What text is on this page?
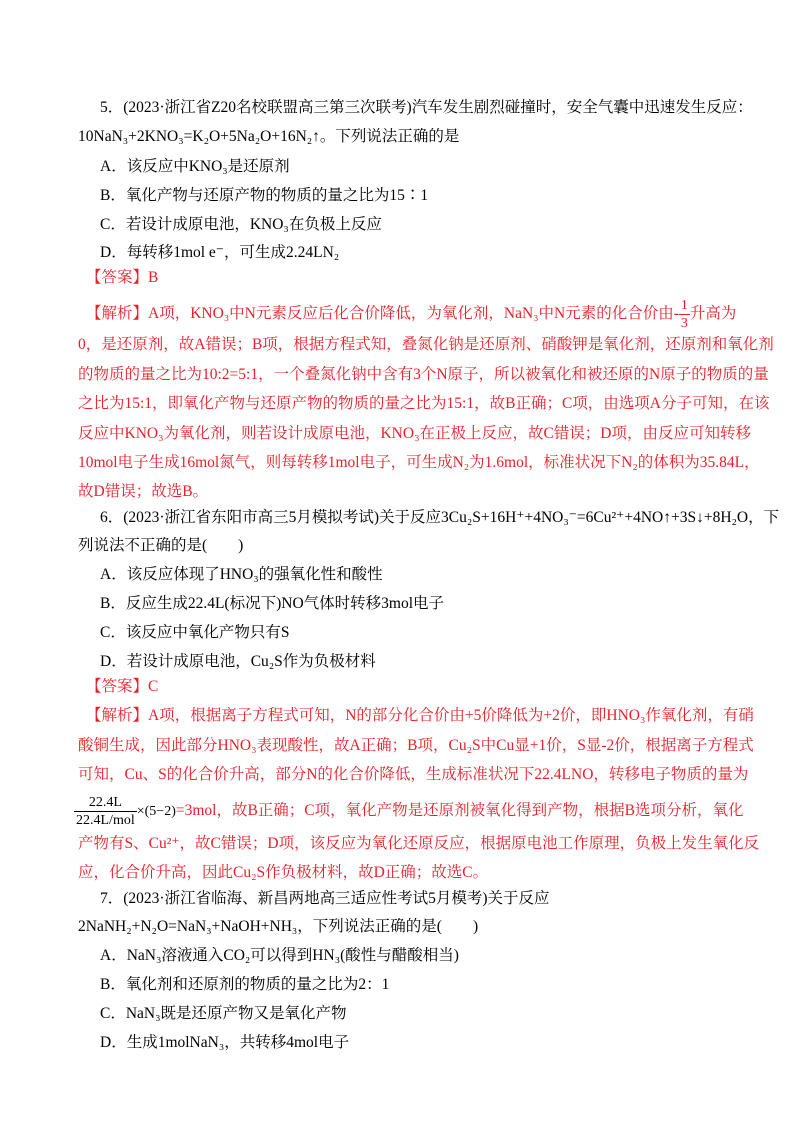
5．(2023·浙江省Z20名校联盟高三第三次联考)汽车发生剧烈碰撞时，安全气囊中迅速发生反应：
10NaN₃+2KNO₃=K₂O+5Na₂O+16N₂↑。下列说法正确的是
A．该反应中KNO₃是还原剂
B．氧化产物与还原产物的物质的量之比为15∶1
C．若设计成原电池，KNO₃在负极上反应
D．每转移1mol e⁻，可生成2.24LN₂
【答案】B
【解析】A项，KNO₃中N元素反应后化合价降低，为氧化剂，NaN₃中N元素的化合价由- $\frac{1}{3}$ 升高为
0，是还原剂，故A错误；B项，根据方程式知，叠氮化钠是还原剂、硝酸钾是氧化剂，还原剂和氧化剂
的物质的量之比为10:2=5:1，一个叠氮化钠中含有3个N原子，所以被氧化和被还原的N原子的物质的量
之比为15:1，即氧化产物与还原产物的物质的量之比为15:1，故B正确；C项，由选项A分子可知，在该
反应中KNO₃为氧化剂，则若设计成原电池，KNO₃在正极上反应，故C错误；D项，由反应可知转移
10mol电子生成16mol氮气，则每转移1mol电子，可生成N₂为1.6mol，标准状况下N₂的体积为35.84L，
故D错误；故选B。
6．(2023·浙江省东阳市高三5月模拟考试)关于反应3Cu₂S+16H⁺+4NO₃⁻=6Cu²⁺+4NO↑+3S↓+8H₂O，下
列说法不正确的是(　　)
A．该反应体现了HNO₃的强氧化性和酸性
B．反应生成22.4L(标况下)NO气体时转移3mol电子
C．该反应中氧化产物只有S
D．若设计成原电池，Cu₂S作为负极材料
【答案】C
【解析】A项，根据离子方程式可知，N的部分化合价由+5价降低为+2价，即HNO₃作氧化剂，有硝
酸铜生成，因此部分HNO₃表现酸性，故A正确；B项，Cu₂S中Cu显+1价，S显-2价，根据离子方程式
可知，Cu、S的化合价升高，部分N的化合价降低，生成标准状况下22.4LNO，转移电子物质的量为
$\frac{22.4L}{\text{22.4L/mol}} \times(5-2)=3mol$，故B正确；C项，氧化产物是还原剂被氧化得到产物，根据B选项分析，氧化
产物有S、Cu²⁺，故C错误；D项，该反应为氧化还原反应，根据原电池工作原理，负极上发生氧化反
应，化合价升高，因此Cu₂S作负极材料，故D正确；故选C。
7．(2023·浙江省临海、新昌两地高三适应性考试5月模考)关于反应
2NaNH₂+N₂O=NaN₃+NaOH+NH₃，下列说法正确的是(　　)
A．NaN₃溶液通入CO₂可以得到HN₃(酸性与醋酸相当)
B．氧化剂和还原剂的物质的量之比为2：1
C．NaN₃既是还原产物又是氧化产物
D．生成1molNaN₃，共转移4mol电子
